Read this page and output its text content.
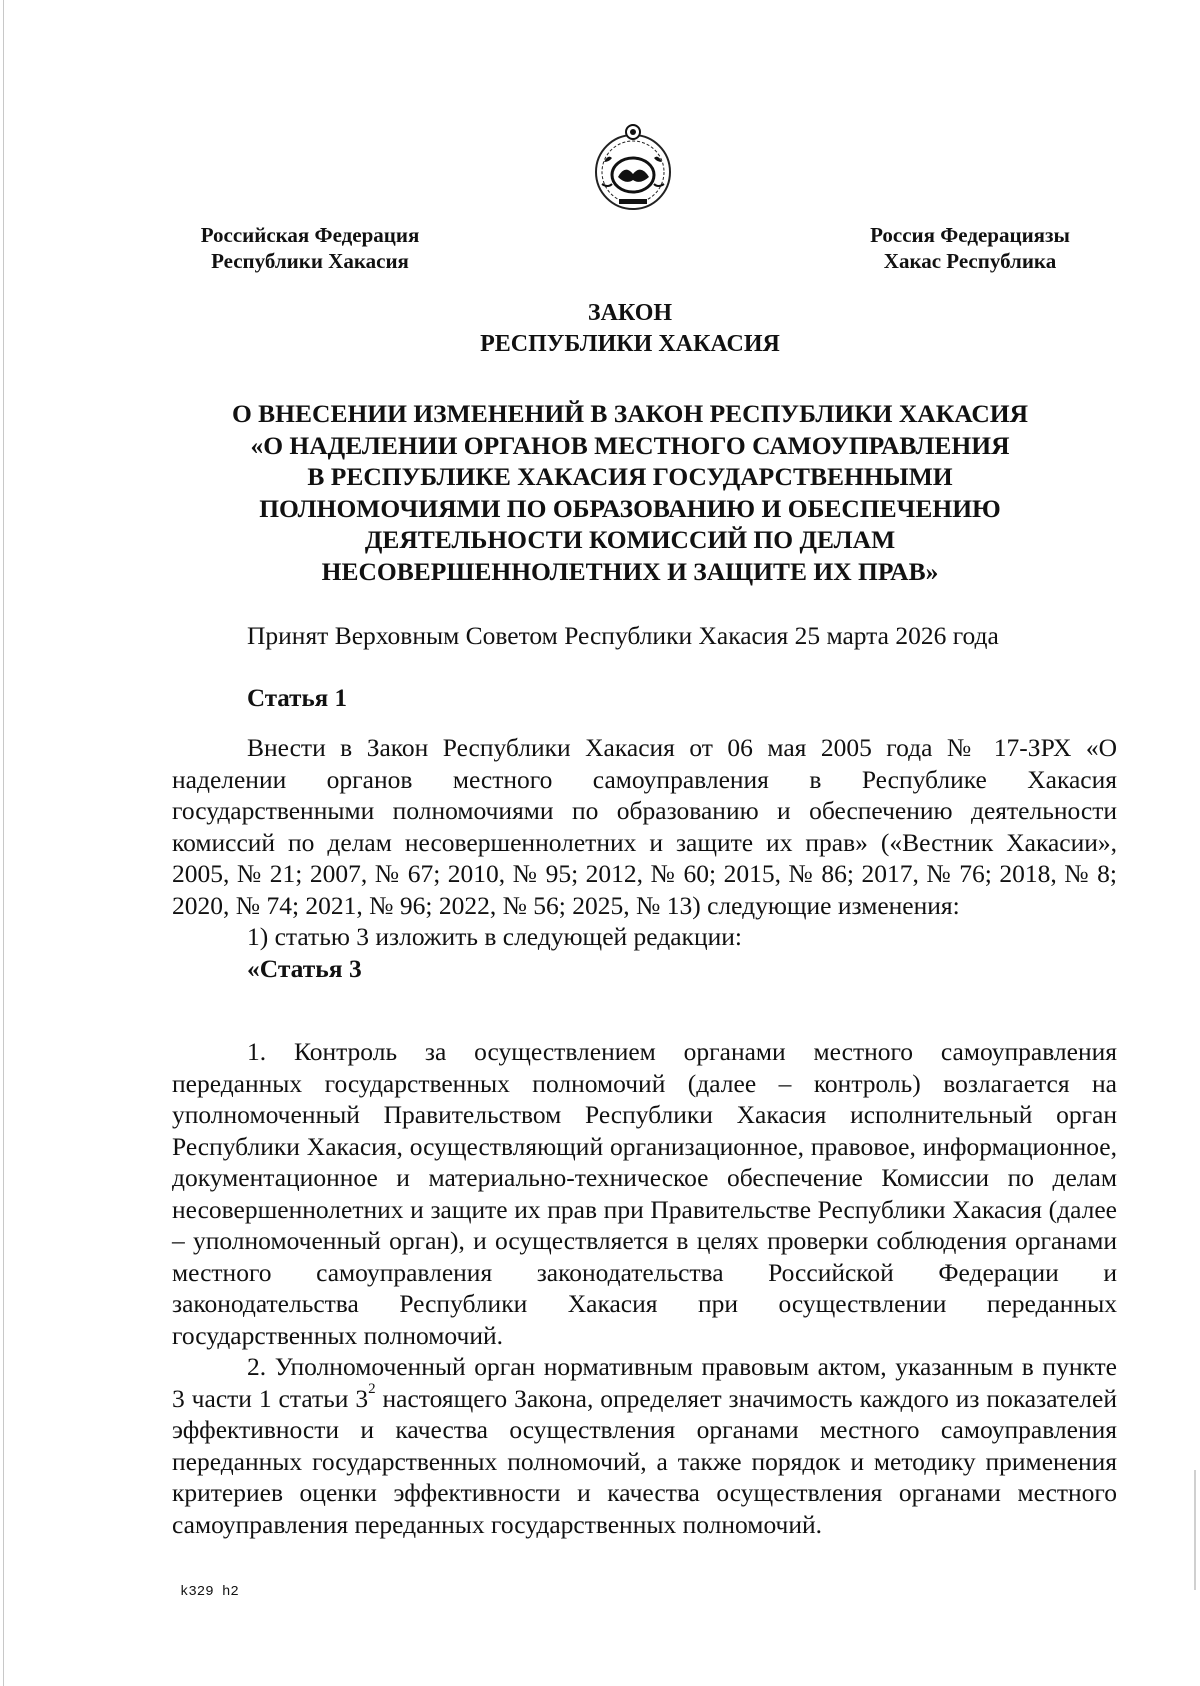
Российская Федерация
Республики Хакасия
Россия Федерациязы
Хакас Республика
ЗАКОН
РЕСПУБЛИКИ ХАКАСИЯ
О ВНЕСЕНИИ ИЗМЕНЕНИЙ В ЗАКОН РЕСПУБЛИКИ ХАКАСИЯ
«О НАДЕЛЕНИИ ОРГАНОВ МЕСТНОГО САМОУПРАВЛЕНИЯ
В РЕСПУБЛИКЕ ХАКАСИЯ ГОСУДАРСТВЕННЫМИ
ПОЛНОМОЧИЯМИ ПО ОБРАЗОВАНИЮ И ОБЕСПЕЧЕНИЮ
ДЕЯТЕЛЬНОСТИ КОМИССИЙ ПО ДЕЛАМ
НЕСОВЕРШЕННОЛЕТНИХ И ЗАЩИТЕ ИХ ПРАВ»
Принят Верховным Советом Республики Хакасия 25 марта 2026 года
Статья 1

Внести в Закон Республики Хакасия от 06 мая 2005 года № 17-ЗРХ «О наделении органов местного самоуправления в Республике Хакасия государственными полномочиями по образованию и обеспечению деятельности комиссий по делам несовершеннолетних и защите их прав» («Вестник Хакасии», 2005, № 21; 2007, № 67; 2010, № 95; 2012, № 60; 2015, № 86; 2017, № 76; 2018, № 8; 2020, № 74; 2021, № 96; 2022, № 56; 2025, № 13) следующие изменения:

1) статью 3 изложить в следующей редакции:

«Статья 3

1. Контроль за осуществлением органами местного самоуправления переданных государственных полномочий (далее – контроль) возлагается на уполномоченный Правительством Республики Хакасия исполнительный орган Республики Хакасия, осуществляющий организационное, правовое, информационное, документационное и материально-техническое обеспечение Комиссии по делам несовершеннолетних и защите их прав при Правительстве Республики Хакасия (далее – уполномоченный орган), и осуществляется в целях проверки соблюдения органами местного самоуправления законодательства Российской Федерации и законодательства Республики Хакасия при осуществлении переданных государственных полномочий.

2. Уполномоченный орган нормативным правовым актом, указанным в пункте 3 части 1 статьи $3^2$ настоящего Закона, определяет значимость каждого из показателей эффективности и качества осуществления органами местного самоуправления переданных государственных полномочий, а также порядок и методику применения критериев оценки эффективности и качества осуществления органами местного самоуправления переданных государственных полномочий.

k329 h2
